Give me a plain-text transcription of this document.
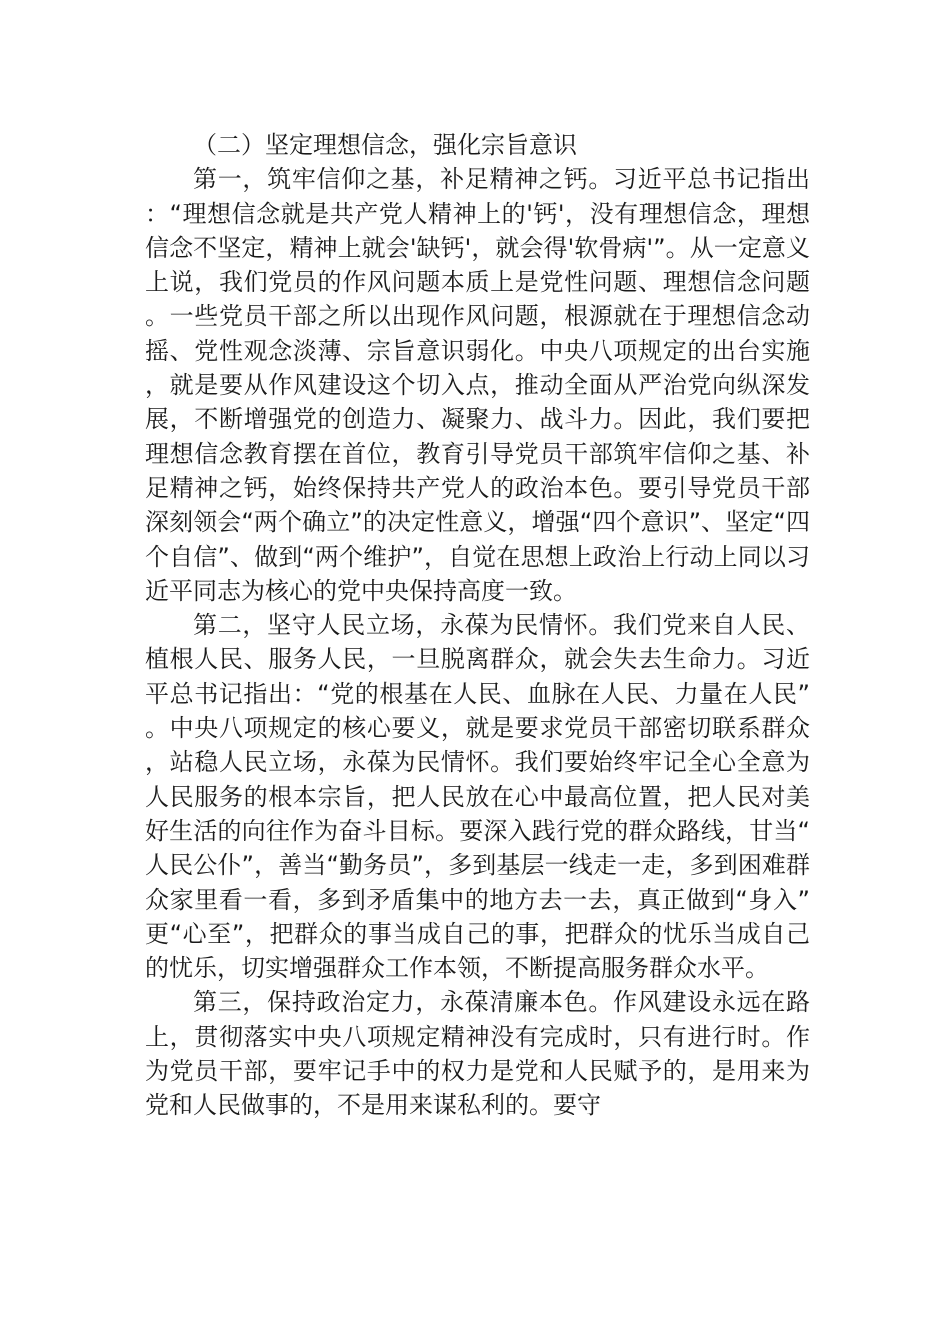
（二）坚定理想信念，强化宗旨意识

第一，筑牢信仰之基，补足精神之钙。习近平总书记指出：“理想信念就是共产党人精神上的'钙'，没有理想信念，理想信念不坚定，精神上就会'缺钙'，就会得'软骨病'”。从一定意义上说，我们党员的作风问题本质上是党性问题、理想信念问题。一些党员干部之所以出现作风问题，根源就在于理想信念动摇、党性观念淡薄、宗旨意识弱化。中央八项规定的出台实施，就是要从作风建设这个切入点，推动全面从严治党向纵深发展，不断增强党的创造力、凝聚力、战斗力。因此，我们要把理想信念教育摆在首位，教育引导党员干部筑牢信仰之基、补足精神之钙，始终保持共产党人的政治本色。要引导党员干部深刻领会“两个确立”的决定性意义，增强“四个意识”、坚定“四个自信”、做到“两个维护”，自觉在思想上政治上行动上同以习近平同志为核心的党中央保持高度一致。

第二，坚守人民立场，永葆为民情怀。我们党来自人民、植根人民、服务人民，一旦脱离群众，就会失去生命力。习近平总书记指出：“党的根基在人民、血脉在人民、力量在人民”。中央八项规定的核心要义，就是要求党员干部密切联系群众，站稳人民立场，永葆为民情怀。我们要始终牢记全心全意为人民服务的根本宗旨，把人民放在心中最高位置，把人民对美好生活的向往作为奋斗目标。要深入践行党的群众路线，甘当“人民公仆”，善当“勤务员”，多到基层一线走一走，多到困难群众家里看一看，多到矛盾集中的地方去一去，真正做到“身入”更“心至”，把群众的事当成自己的事，把群众的忧乐当成自己的忧乐，切实增强群众工作本领，不断提高服务群众水平。

第三，保持政治定力，永葆清廉本色。作风建设永远在路上，贯彻落实中央八项规定精神没有完成时，只有进行时。作为党员干部，要牢记手中的权力是党和人民赋予的，是用来为党和人民做事的，不是用来谋私利的。要守
